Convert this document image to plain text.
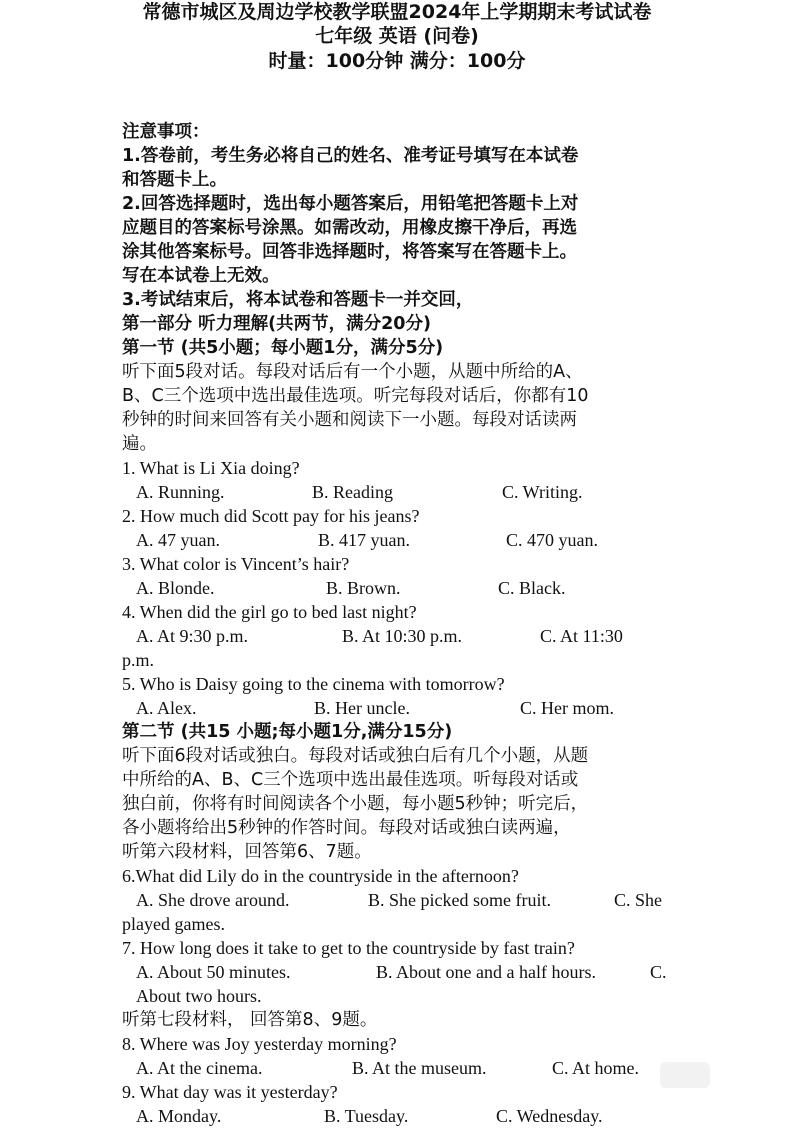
常德市城区及周边学校教学联盟2024年上学期期末考试试卷
七年级 英语 (问卷)
时量：100分钟 满分：100分

注意事项：

1.答卷前，考生务必将自己的姓名、准考证号填写在本试卷

和答题卡上。

2.回答选择题时，选出每小题答案后，用铅笔把答题卡上对

应题目的答案标号涂黑。如需改动，用橡皮擦干净后，再选

涂其他答案标号。回答非选择题时，将答案写在答题卡上。

写在本试卷上无效。

3.考试结束后，将本试卷和答题卡一并交回，

第一部分 听力理解(共两节，满分20分)

第一节 (共5小题；每小题1分，满分5分)

听下面5段对话。每段对话后有一个小题，从题中所给的A、

B、C三个选项中选出最佳选项。听完每段对话后，你都有10

秒钟的时间来回答有关小题和阅读下一小题。每段对话读两

遍。

1. What is Li Xia doing?

A. Running.	B. Reading	C. Writing.

2. How much did Scott pay for his jeans?

A. 47 yuan.	B. 417 yuan.	C. 470 yuan.

3. What color is Vincent’s hair?

A. Blonde.	B. Brown.	C. Black.

4. When did the girl go to bed last night?

A. At 9:30 p.m.	B. At 10:30 p.m.	C. At 11:30

p.m.

5. Who is Daisy going to the cinema with tomorrow?

A. Alex.	B. Her uncle.	C. Her mom.

第二节 (共15 小题;每小题1分,满分15分)

听下面6段对话或独白。每段对话或独白后有几个小题，从题

中所给的A、B、C三个选项中选出最佳选项。听每段对话或

独白前，你将有时间阅读各个小题，每小题5秒钟；听完后，

各小题将给出5秒钟的作答时间。每段对话或独白读两遍，

听第六段材料，回答第6、7题。

6.What did Lily do in the countryside in the afternoon?

A. She drove around.	B. She picked some fruit.	C. She

played games.

7. How long does it take to get to the countryside by fast train?

A. About 50 minutes.	B. About one and a half hours.	C.

About two hours.

听第七段材料， 回答第8、9题。

8. Where was Joy yesterday morning?

A. At the cinema.	B. At the museum.	C. At home.

9. What day was it yesterday?

A. Monday.	B. Tuesday.	C. Wednesday.
